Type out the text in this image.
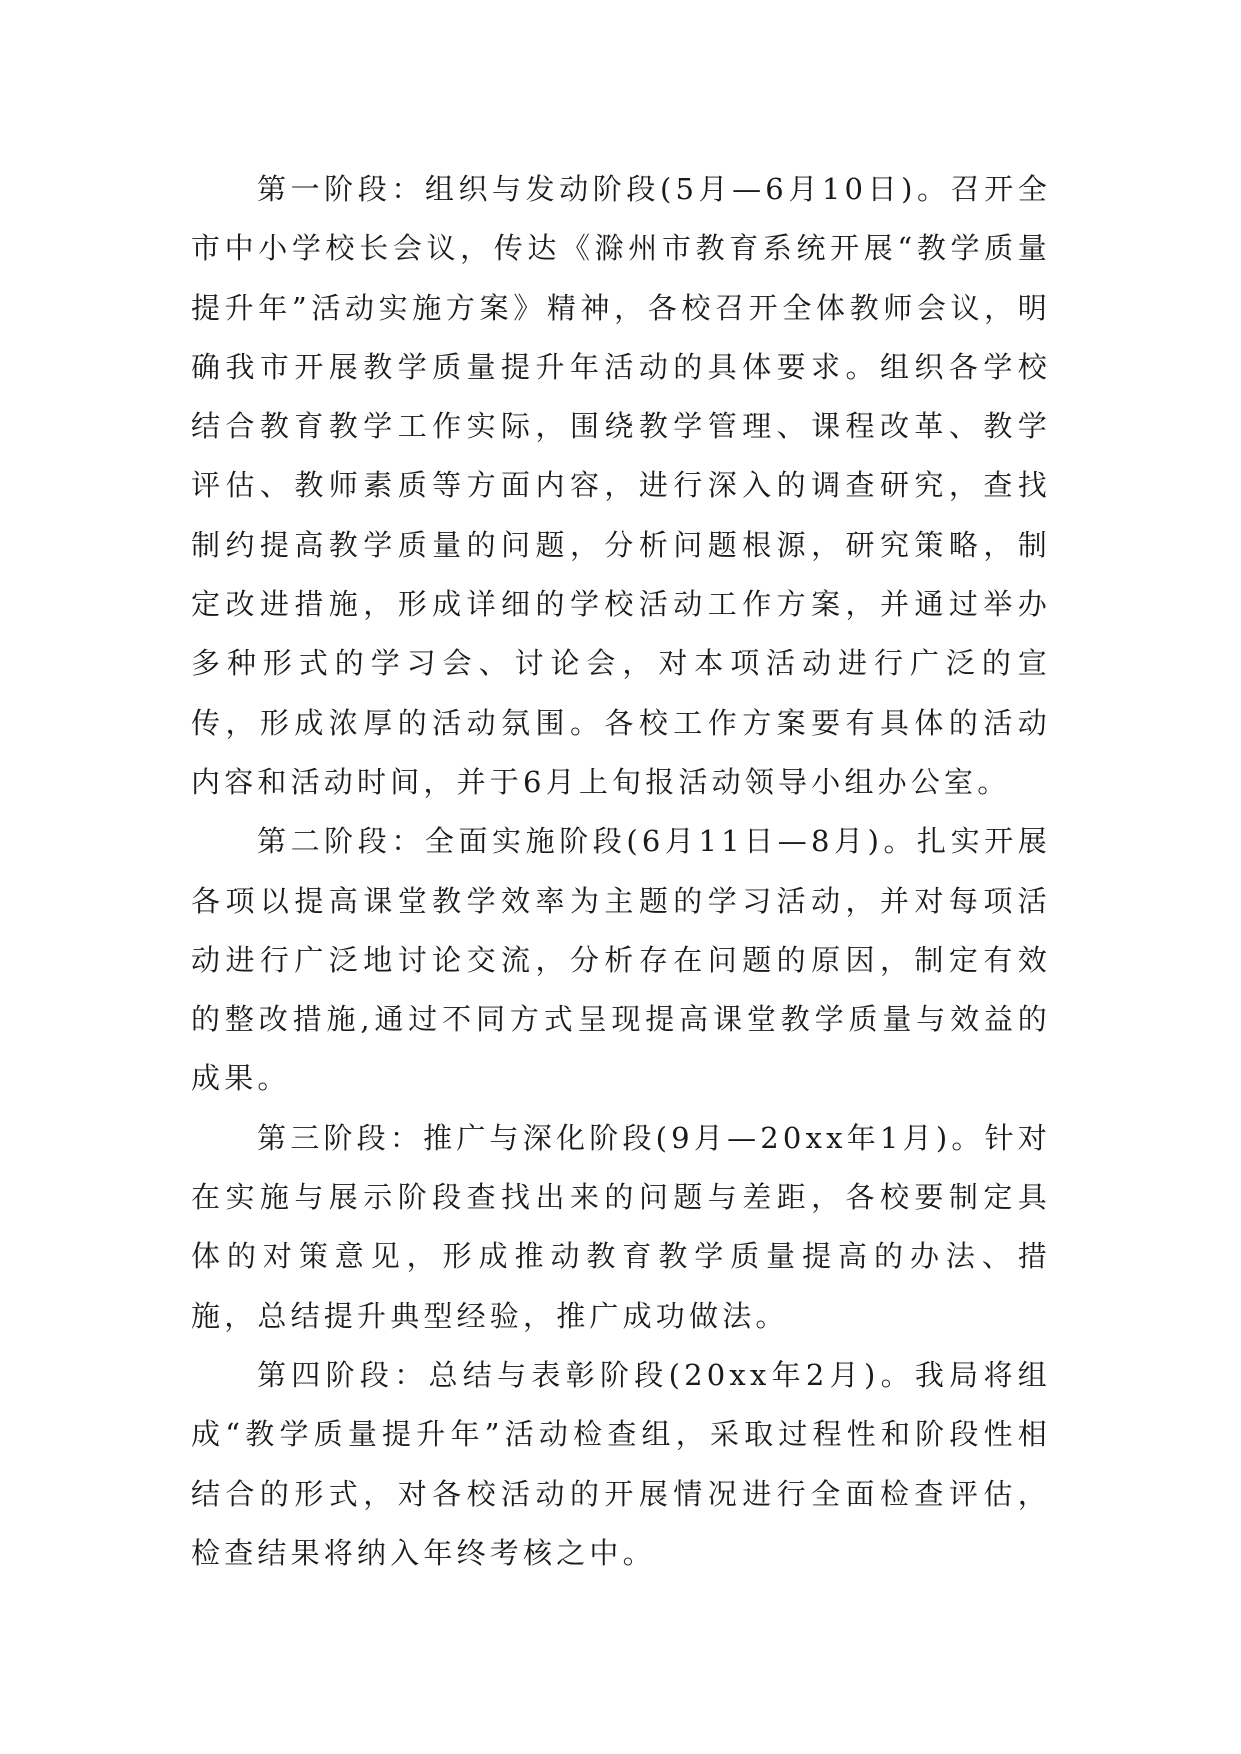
第一阶段：组织与发动阶段(5月—6月10日)。召开全市中小学校长会议，传达《滁州市教育系统开展“教学质量提升年”活动实施方案》精神，各校召开全体教师会议，明确我市开展教学质量提升年活动的具体要求。组织各学校结合教育教学工作实际，围绕教学管理、课程改革、教学评估、教师素质等方面内容，进行深入的调查研究，查找制约提高教学质量的问题，分析问题根源，研究策略，制定改进措施，形成详细的学校活动工作方案，并通过举办多种形式的学习会、讨论会，对本项活动进行广泛的宣传，形成浓厚的活动氛围。各校工作方案要有具体的活动内容和活动时间，并于6月上旬报活动领导小组办公室。

第二阶段：全面实施阶段(6月11日—8月)。扎实开展各项以提高课堂教学效率为主题的学习活动，并对每项活动进行广泛地讨论交流，分析存在问题的原因，制定有效的整改措施,通过不同方式呈现提高课堂教学质量与效益的成果。

第三阶段：推广与深化阶段(9月—20xx年1月)。针对在实施与展示阶段查找出来的问题与差距，各校要制定具体的对策意见，形成推动教育教学质量提高的办法、措施，总结提升典型经验，推广成功做法。

第四阶段：总结与表彰阶段(20xx年2月)。我局将组成“教学质量提升年”活动检查组，采取过程性和阶段性相结合的形式，对各校活动的开展情况进行全面检查评估，检查结果将纳入年终考核之中。
